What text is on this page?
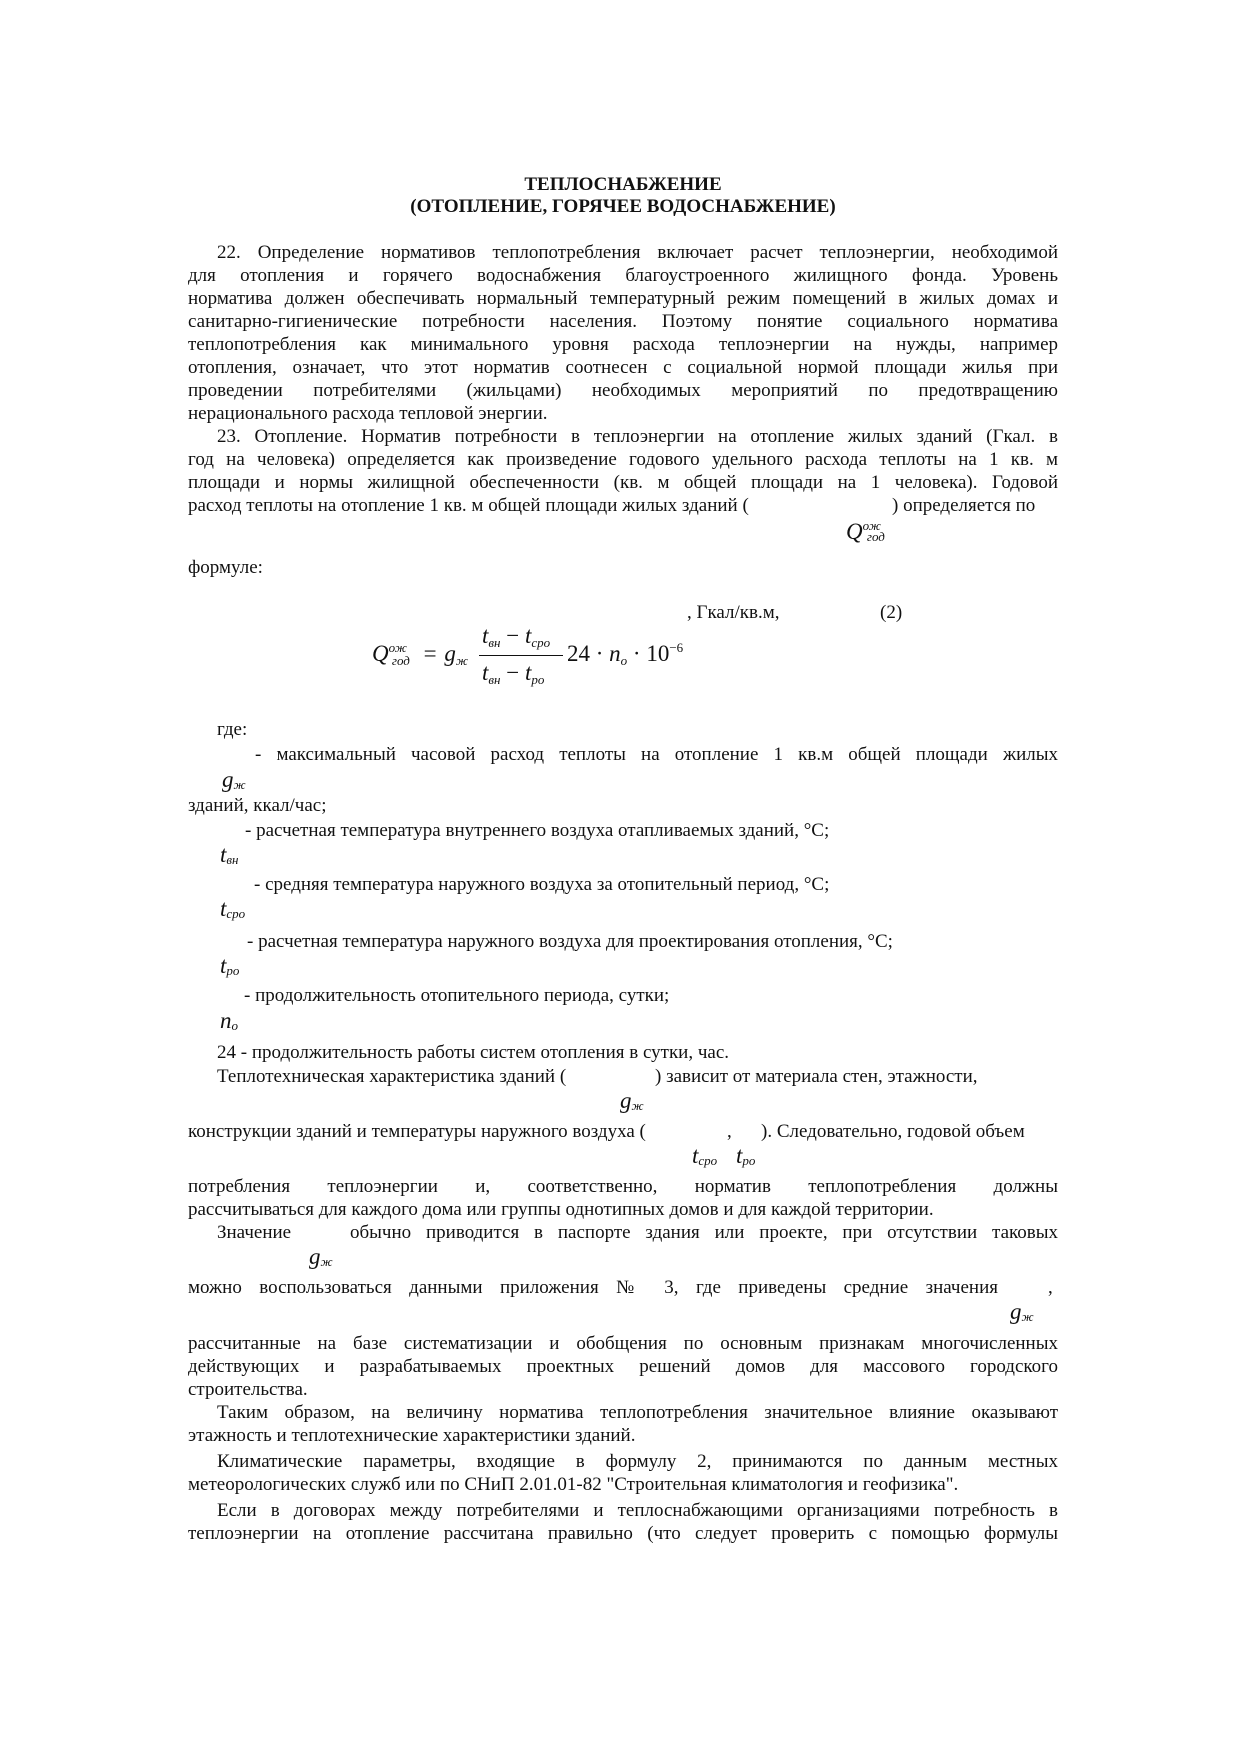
ТЕПЛОСНАБЖЕНИЕ
(ОТОПЛЕНИЕ, ГОРЯЧЕЕ ВОДОСНАБЖЕНИЕ)
22. Определение нормативов теплопотребления включает расчет теплоэнергии, необходимой
для отопления и горячего водоснабжения благоустроенного жилищного фонда. Уровень
норматива должен обеспечивать нормальный температурный режим помещений в жилых домах и
санитарно-гигиенические потребности населения. Поэтому понятие социального норматива
теплопотребления как минимального уровня расхода теплоэнергии на нужды, например
отопления, означает, что этот норматив соотнесен с социальной нормой площади жилья при
проведении потребителями (жильцами) необходимых мероприятий по предотвращению
нерационального расхода тепловой энергии.
23. Отопление. Норматив потребности в теплоэнергии на отопление жилых зданий (Гкал. в
год на человека) определяется как произведение годового удельного расхода теплоты на 1 кв. м
площади и нормы жилищной обеспеченности (кв. м общей площади на 1 человека). Годовой
расход теплоты на отопление 1 кв. м общей площади жилых зданий (	) определяется по
$Q^{ож}_{год}$
формуле:
, Гкал/кв.м,	(2)
$Q^{ож}_{год} = g_ж$
$t_{вн} - t_{сро}$
$t_{вн} - t_{ро}$
$24 \cdot n_о \cdot 10^{-6}$
где:
- максимальный часовой расход теплоты на отопление 1 кв.м общей площади жилых
$g_ж$
зданий, ккал/час;
- расчетная температура внутреннего воздуха отапливаемых зданий, °C;
$t_{вн}$
- средняя температура наружного воздуха за отопительный период, °C;
$t_{сро}$
- расчетная температура наружного воздуха для проектирования отопления, °C;
$t_{ро}$
- продолжительность отопительного периода, сутки;
$n_о$
24 - продолжительность работы систем отопления в сутки, час.
Теплотехническая характеристика зданий (	) зависит от материала стен, этажности,
$g_ж$
конструкции зданий и температуры наружного воздуха (	, ). Следовательно, годовой объем
$t_{сро}$ $t_{ро}$
потребления теплоэнергии и, соответственно, норматив теплопотребления должны
рассчитываться для каждого дома или группы однотипных домов и для каждой территории.
Значение	обычно приводится в паспорте здания или проекте, при отсутствии таковых
$g_ж$
можно воспользоваться данными приложения № 3, где приведены средние значения	,
$g_ж$
рассчитанные на базе систематизации и обобщения по основным признакам многочисленных
действующих и разрабатываемых проектных решений домов для массового городского
строительства.
Таким образом, на величину норматива теплопотребления значительное влияние оказывают
этажность и теплотехнические характеристики зданий.
Климатические параметры, входящие в формулу 2, принимаются по данным местных
метеорологических служб или по СНиП 2.01.01-82 "Строительная климатология и геофизика".
Если в договорах между потребителями и теплоснабжающими организациями потребность в
теплоэнергии на отопление рассчитана правильно (что следует проверить с помощью формулы
